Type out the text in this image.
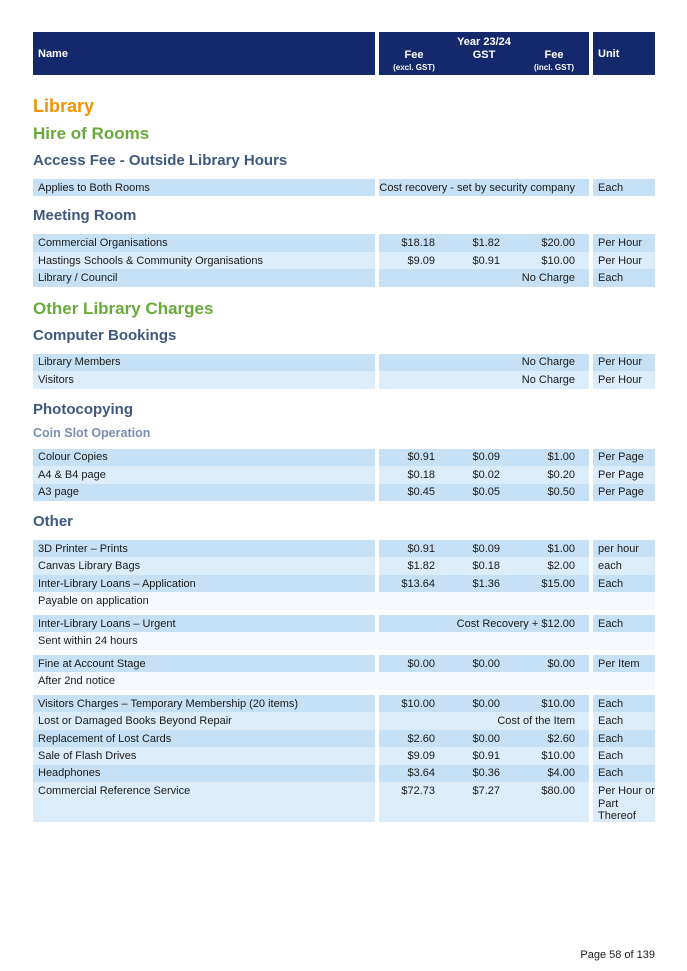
Name
Year 23/24
Fee
(excl. GST)
GST	Fee
(incl. GST)
Unit
Library
Hire of Rooms
Access Fee - Outside Library Hours
Applies to Both Rooms	Cost recovery - set by security company	Each
Meeting Room
Commercial Organisations	$18.18	$1.82	$20.00	Per Hour
Hastings Schools & Community Organisations	$9.09	$0.91	$10.00	Per Hour
Library / Council	No Charge	Each
Other Library Charges
Computer Bookings
Library Members	No Charge	Per Hour
Visitors	No Charge	Per Hour
Photocopying
Coin Slot Operation
Colour Copies	$0.91	$0.09	$1.00	Per Page
A4 & B4 page	$0.18	$0.02	$0.20	Per Page
A3 page	$0.45	$0.05	$0.50	Per Page
Other
3D Printer – Prints	$0.91	$0.09	$1.00	per hour
Canvas Library Bags	$1.82	$0.18	$2.00	each
Inter-Library Loans – Application	$13.64	$1.36	$15.00	Each
Payable on application
Inter-Library Loans – Urgent	Cost Recovery + $12.00	Each
Sent within 24 hours
Fine at Account Stage	$0.00	$0.00	$0.00	Per Item
After 2nd notice
Visitors Charges – Temporary Membership (20 items)	$10.00	$0.00	$10.00	Each
Lost or Damaged Books Beyond Repair	Cost of the Item	Each
Replacement of Lost Cards	$2.60	$0.00	$2.60	Each
Sale of Flash Drives	$9.09	$0.91	$10.00	Each
Headphones	$3.64	$0.36	$4.00	Each
Commercial Reference Service	$72.73	$7.27	$80.00	Per Hour or Part Thereof
Page 58 of 139
